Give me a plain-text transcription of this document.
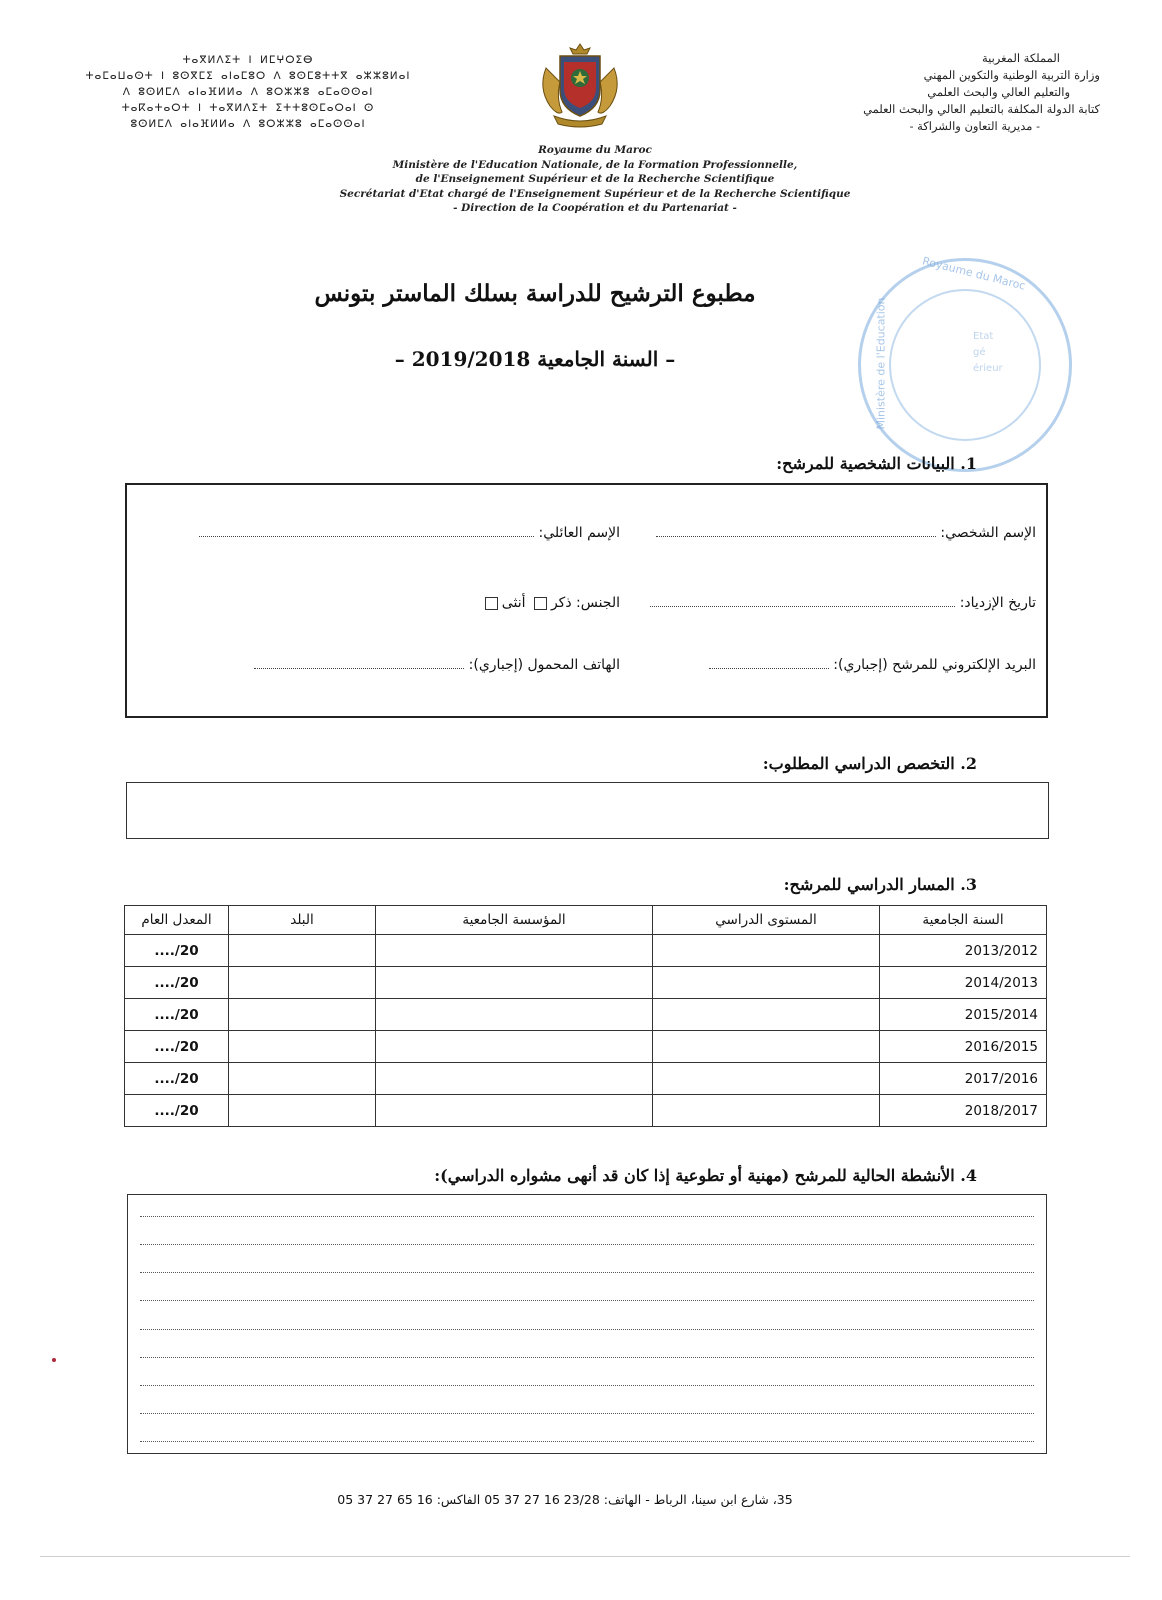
المملكة المغربية
وزارة التربية الوطنية والتكوين المهني
والتعليم العالي والبحث العلمي
كتابة الدولة المكلفة بالتعليم العالي والبحث العلمي
- مديرية التعاون والشراكة -
ⵜⴰⴳⵍⴷⵉⵜ ⵏ ⵍⵎⵖⵔⵉⴱ
ⵜⴰⵎⴰⵡⴰⵙⵜ ⵏ ⵓⵙⴳⵎⵉ ⴰⵏⴰⵎⵓⵔ ⴷ ⵓⵙⵎⵓⵜⵜⴳ ⴰⵣⵣⵓⵍⴰⵏ
ⴷ ⵓⵙⵍⵎⴷ ⴰⵏⴰⴼⵍⵍⴰ ⴷ ⵓⵔⵣⵣⵓ ⴰⵎⴰⵙⵙⴰⵏ
ⵜⴰⴽⴰⵜⴰⵔⵜ ⵏ ⵜⴰⴳⵍⴷⵉⵜ ⵉⵜⵜⵓⵙⵎⴰⵔⴰⵏ ⵙ
ⵓⵙⵍⵎⴷ ⴰⵏⴰⴼⵍⵍⴰ ⴷ ⵓⵔⵣⵣⵓ ⴰⵎⴰⵙⵙⴰⵏ
Royaume du Maroc
Ministère de l'Education Nationale, de la Formation Professionnelle,
de l'Enseignement Supérieur et de la Recherche Scientifique
Secrétariat d'Etat chargé de l'Enseignement Supérieur et de la Recherche Scientifique
- Direction de la Coopération et du Partenariat -
Royaume du Maroc
Ministère de l'Education	Etat
gé
érieur
مطبوع الترشيح للدراسة بسلك الماستر بتونس
– السنة الجامعية 2019/2018 –
1. البيانات الشخصية للمرشح:
الإسم الشخصي:
الإسم العائلي:
تاريخ الإزدياد:
الجنس: ذكر أنثى
البريد الإلكتروني للمرشح (إجباري):
الهاتف المحمول (إجباري):
2. التخصص الدراسي المطلوب:
3. المسار الدراسي للمرشح:
السنة الجامعية	المستوى الدراسي	المؤسسة الجامعية	البلد	المعدل العام
2013/2012				20/....
2014/2013				20/....
2015/2014				20/....
2016/2015				20/....
2017/2016				20/....
2018/2017				20/....
4. الأنشطة الحالية للمرشح (مهنية أو تطوعية إذا كان قد أنهى مشواره الدراسي):
35، شارع ابن سينا، الرباط - الهاتف: 23/28 16 27 37 05 الفاكس: 16 65 27 37 05
